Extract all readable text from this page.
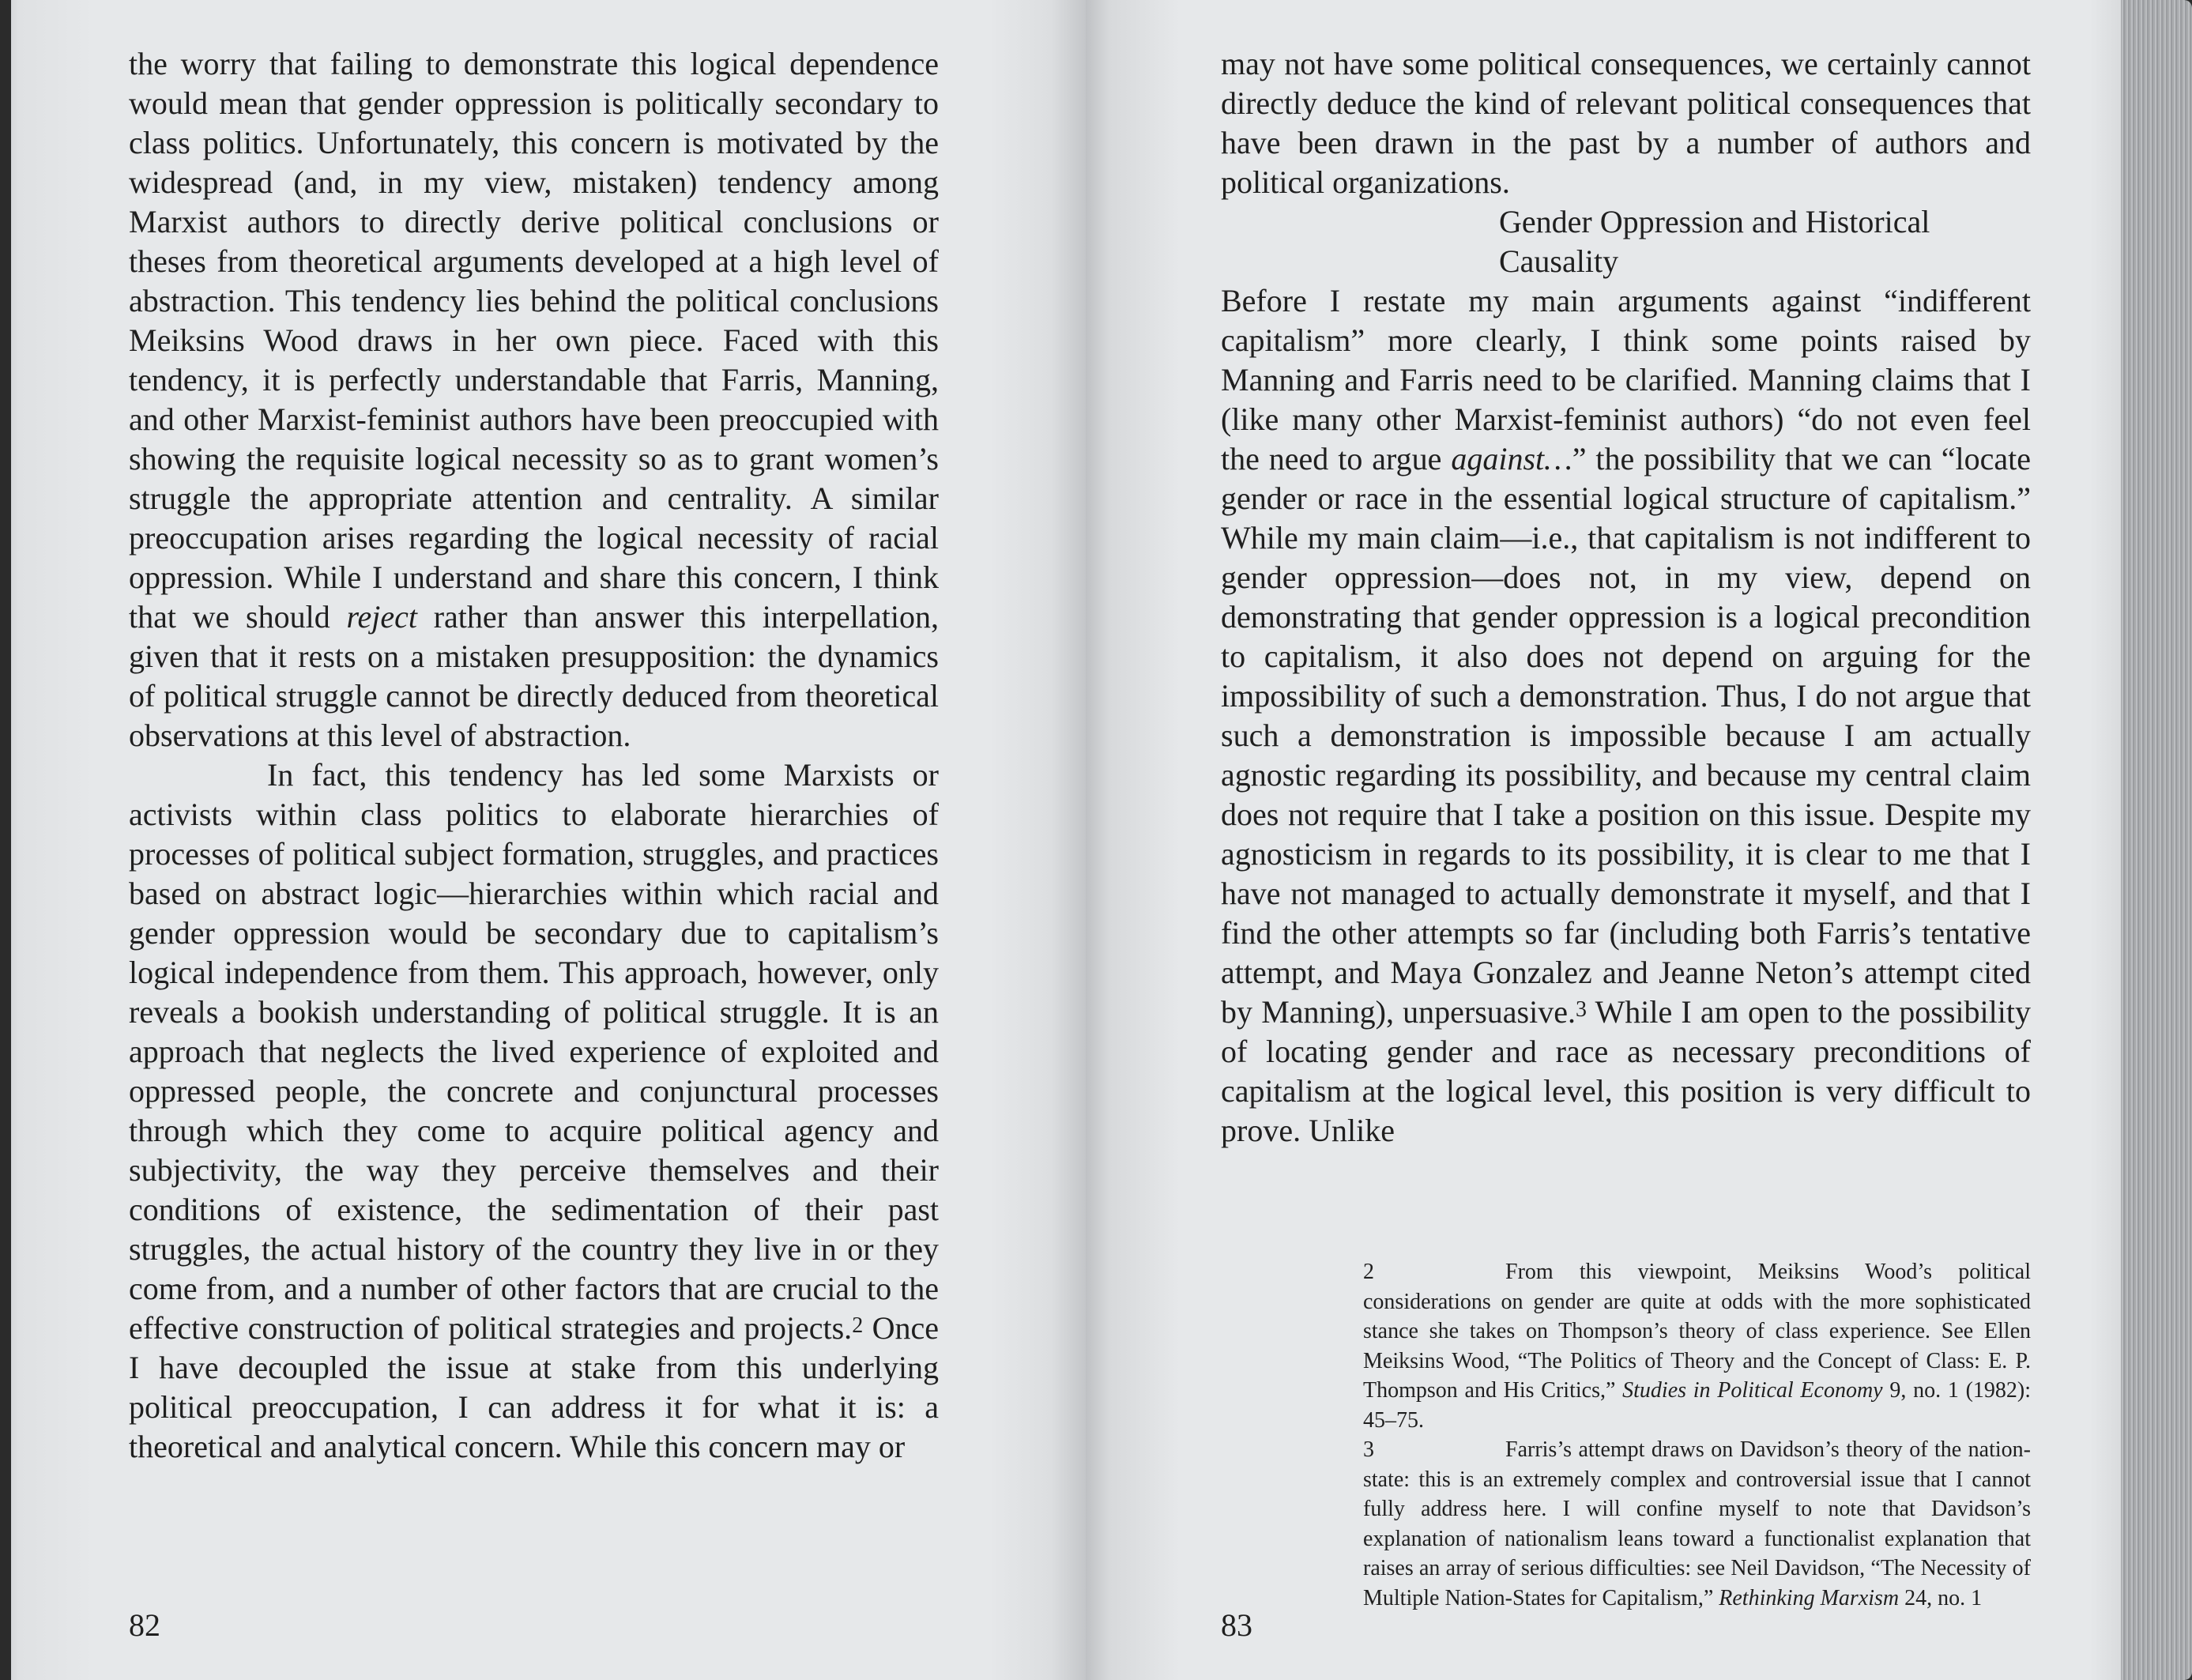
the worry that failing to demonstrate this logical dependence would mean that gender oppression is politically secondary to class politics. Unfortunately, this concern is motivated by the widespread (and, in my view, mistaken) tendency among Marxist authors to directly derive political conclusions or theses from theoretical arguments developed at a high level of abstraction. This tendency lies behind the political conclusions Meiksins Wood draws in her own piece. Faced with this tendency, it is perfectly understandable that Farris, Manning, and other Marxist-feminist authors have been preoccupied with showing the requisite logical necessity so as to grant women’s struggle the appropriate attention and centrality. A similar preoccupation arises regarding the logical necessity of racial oppression. While I understand and share this concern, I think that we should reject rather than answer this interpellation, given that it rests on a mistaken presupposition: the dynamics of political struggle cannot be directly deduced from theoretical observations at this level of abstraction.

In fact, this tendency has led some Marxists or activists within class politics to elaborate hierarchies of processes of political subject formation, struggles, and practices based on abstract logic—hierarchies within which racial and gender oppression would be secondary due to capitalism’s logical independence from them. This approach, however, only reveals a bookish understanding of political struggle. It is an approach that neglects the lived experience of exploited and oppressed people, the concrete and conjunctural processes through which they come to acquire political agency and subjectivity, the way they perceive themselves and their conditions of existence, the sedimentation of their past struggles, the actual history of the country they live in or they come from, and a number of other factors that are crucial to the effective construction of political strategies and projects.$^2$ Once I have decoupled the issue at stake from this underlying political preoccupation, I can address it for what it is: a theoretical and analytical concern. While this concern may or

82

may not have some political consequences, we certainly cannot directly deduce the kind of relevant political consequences that have been drawn in the past by a number of authors and political organizations.

Gender Oppression and Historical
Causality

Before I restate my main arguments against “indifferent capitalism” more clearly, I think some points raised by Manning and Farris need to be clarified. Manning claims that I (like many other Marxist-feminist authors) “do not even feel the need to argue against…” the possibility that we can “locate gender or race in the essential logical structure of capitalism.” While my main claim—i.e., that capitalism is not indifferent to gender oppression—does not, in my view, depend on demonstrating that gender oppression is a logical precondition to capitalism, it also does not depend on arguing for the impossibility of such a demonstration. Thus, I do not argue that such a demonstration is impossible because I am actually agnostic regarding its possibility, and because my central claim does not require that I take a position on this issue. Despite my agnosticism in regards to its possibility, it is clear to me that I have not managed to actually demonstrate it myself, and that I find the other attempts so far (including both Farris’s tentative attempt, and Maya Gonzalez and Jeanne Neton’s attempt cited by Manning), unpersuasive.$^3$ While I am open to the possibility of locating gender and race as necessary preconditions of capitalism at the logical level, this position is very difficult to prove. Unlike

2	From this viewpoint, Meiksins Wood’s political considerations on gender are quite at odds with the more sophisticated stance she takes on Thompson’s theory of class experience. See Ellen Meiksins Wood, “The Politics of Theory and the Concept of Class: E. P. Thompson and His Critics,” Studies in Political Economy 9, no. 1 (1982): 45–75.

3	Farris’s attempt draws on Davidson’s theory of the nation-state: this is an extremely complex and controversial issue that I cannot fully address here. I will confine myself to note that Davidson’s explanation of nationalism leans toward a functionalist explanation that raises an array of serious difficulties: see Neil Davidson, “The Necessity of Multiple Nation-States for Capitalism,” Rethinking Marxism 24, no. 1

83
